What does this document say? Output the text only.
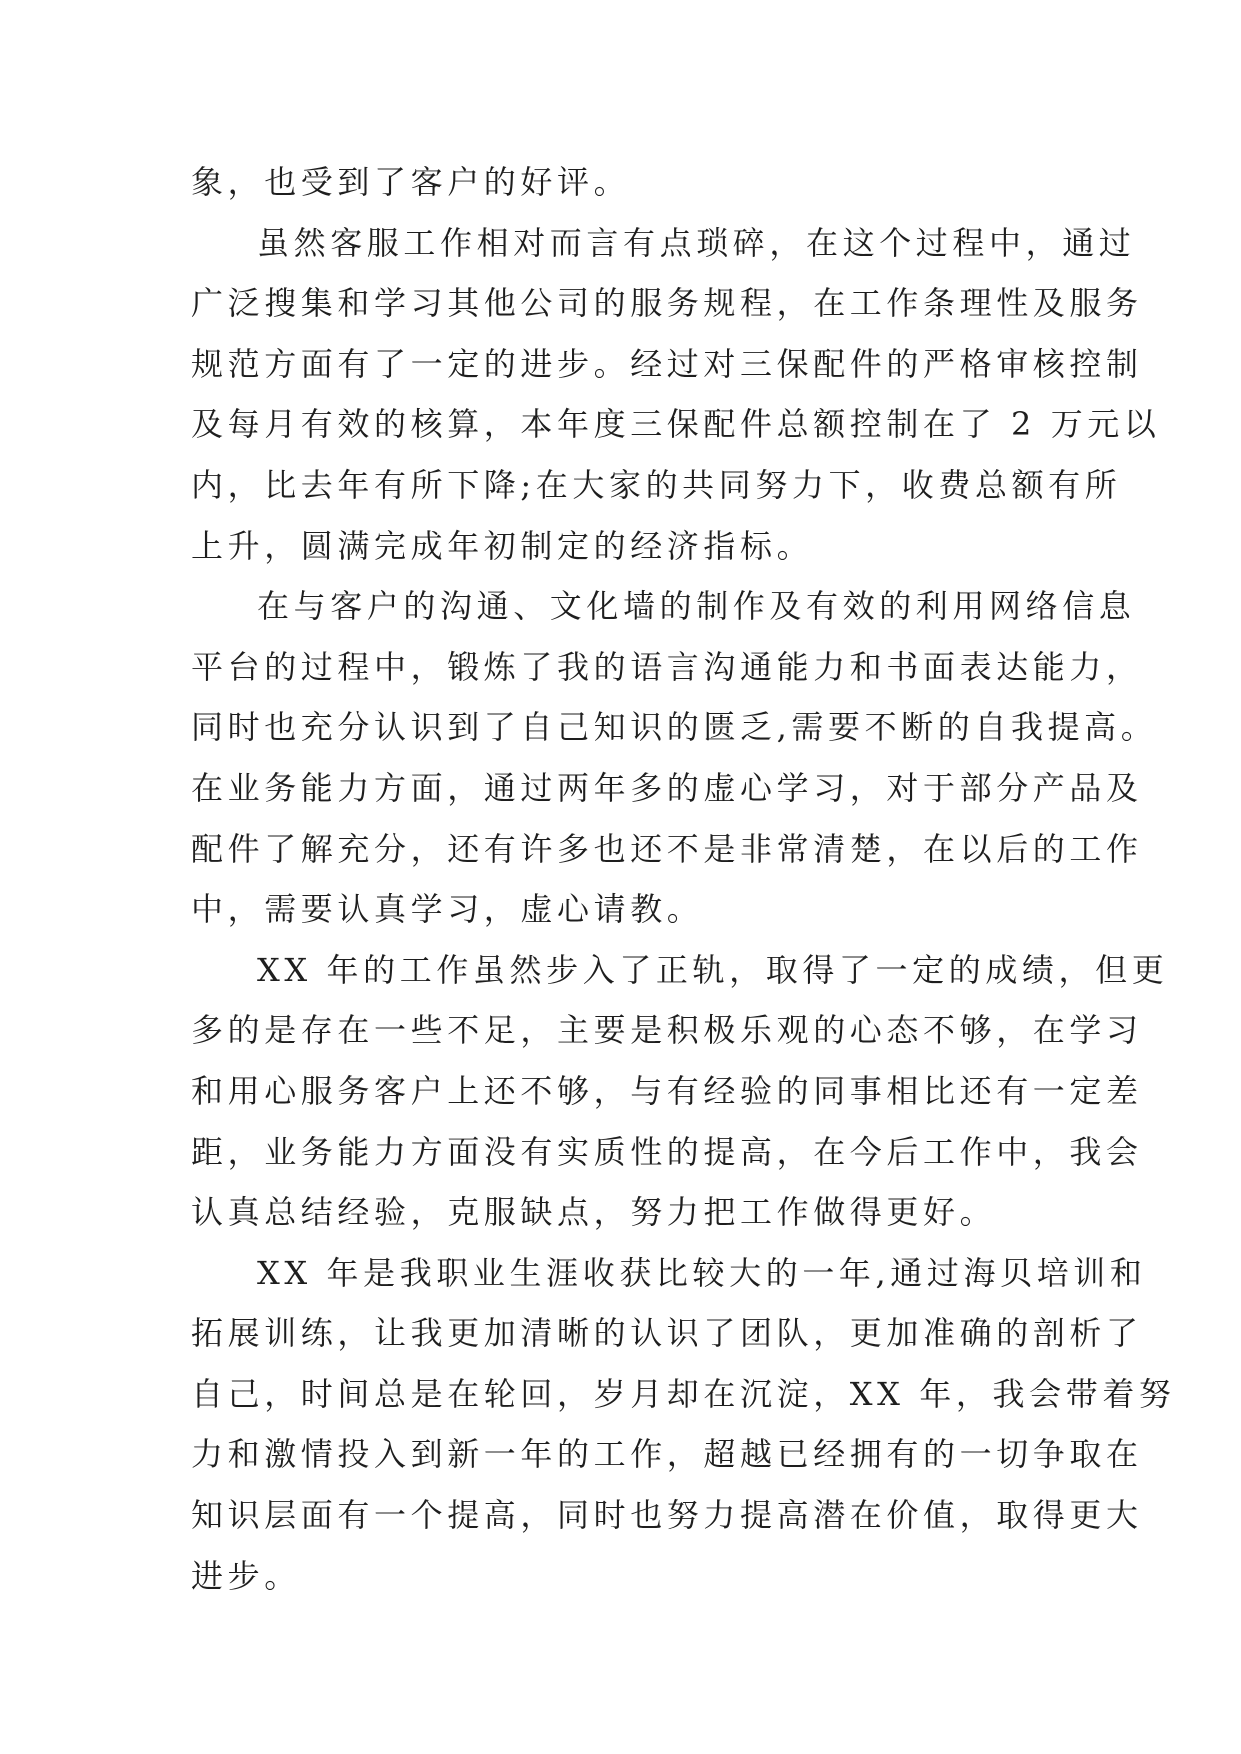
象，也受到了客户的好评。
虽然客服工作相对而言有点琐碎，在这个过程中，通过
广泛搜集和学习其他公司的服务规程，在工作条理性及服务
规范方面有了一定的进步。经过对三保配件的严格审核控制
及每月有效的核算，本年度三保配件总额控制在了 2 万元以
内，比去年有所下降;在大家的共同努力下，收费总额有所
上升，圆满完成年初制定的经济指标。
在与客户的沟通、文化墙的制作及有效的利用网络信息
平台的过程中，锻炼了我的语言沟通能力和书面表达能力，
同时也充分认识到了自己知识的匮乏,需要不断的自我提高。
在业务能力方面，通过两年多的虚心学习，对于部分产品及
配件了解充分，还有许多也还不是非常清楚，在以后的工作
中，需要认真学习，虚心请教。
XX 年的工作虽然步入了正轨，取得了一定的成绩，但更
多的是存在一些不足，主要是积极乐观的心态不够，在学习
和用心服务客户上还不够，与有经验的同事相比还有一定差
距，业务能力方面没有实质性的提高，在今后工作中，我会
认真总结经验，克服缺点，努力把工作做得更好。
XX 年是我职业生涯收获比较大的一年,通过海贝培训和
拓展训练，让我更加清晰的认识了团队，更加准确的剖析了
自己，时间总是在轮回，岁月却在沉淀，XX 年，我会带着努
力和激情投入到新一年的工作，超越已经拥有的一切争取在
知识层面有一个提高，同时也努力提高潜在价值，取得更大
进步。
